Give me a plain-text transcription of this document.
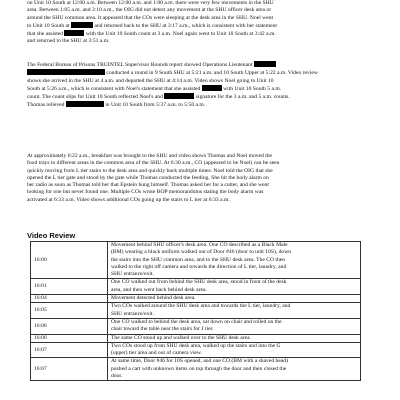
on Unit 10 South at 12:00 a.m. Between 12:00 a.m. and 1:00 a.m. there were very few movements in the SHU
area. Between 1:05 a.m. and 3:10 a.m., the OIG did not detect any movement at the SHU officer desk area or
around the SHU common area. It appeared that the COs were sleeping at the desk area in the SHU. Noel went
to Unit 10 South at	and returned back to the SHU at 3:17 a.m., which is consistent with her statement
that she assisted	with the Unit 10 South count at 3 a.m. Noel again went to Unit 10 South at 3:42 a.m.
and returned to the SHU at 3:51 a.m.
The Federal Bureau of Prisons TRUINTEL Supervisor Rounds report showed Operations Lieutenant
conducted a round in 9 South SHU at 5:21 a.m. and 10 South Upper at 5:22 a.m. Video review
shows she arrived in the SHU at 4 a.m. and departed the SHU at 4:14 a.m. Video shows Noel going to Unit 10
South at 5:26 a.m., which is consistent with Noel's statement that she assisted	with Unit 10 South 5 a.m.
count. The count slips for Unit 10 South reflected Noel's and	signature for the 3 a.m. and 5 a.m. counts.
Thomas relieved	in Unit 10 South from 5:37 a.m. to 5:50 a.m.
At approximately 6:22 a.m., breakfast was brought to the SHU and video shows Thomas and Noel moved the
food trays to different areas in the common area of the SHU. At 6:30 a.m., CO (appeared to be Noel) can be seen
quickly moving from L tier stairs to the desk area and quickly back multiple times. Noel told the OIG that she
opened the L tier gate and stood by the gate while Thomas conducted the feeding. She hit the body alarm on
her radio as soon as Thomas told her that Epstein hung himself. Thomas asked her for a cutter, and she went
looking for one but never found one. Multiple COs wrote BOP memorandums stating the body alarm was
activated at 6:33 a.m. Video shows additional COs going up the stairs to L tier at 6:33 a.m.
Video Review
16:00	Movement behind SHU officer's desk area. One CO described as a Black Male
(BM) wearing a black uniform walked out of Door #46 (door to unit 10S), down
the stairs into the SHU common area, and to the SHU desk area. The CO then
walked to the right off camera and towards the direction of L tier, laundry, and
SHU entrance/exit.

16:01	One CO walked out from behind the SHU desk area, stood in front of the desk
area, and then went back behind desk area.

16:04	Movement detected behind desk area.

16:05	Two COs walked around the SHU desk area and towards the L tier, laundry, and
SHU entrance/exit.

16:06	One CO walked to behind the desk area, sat down on chair and rolled on the
chair toward the table near the stairs for J tier.

16:06	The same CO stood up and walked over to the SHU desk area.

16:07	Two COs stood up from SHU desk area, walked up the stairs and into the G
(upper) tier area and out of camera view.

16:07	At same time, Door #46 for 10S opened, and one CO (BM with a shaved head)
pushed a cart with unknown items on top through the door and then closed the
door.
